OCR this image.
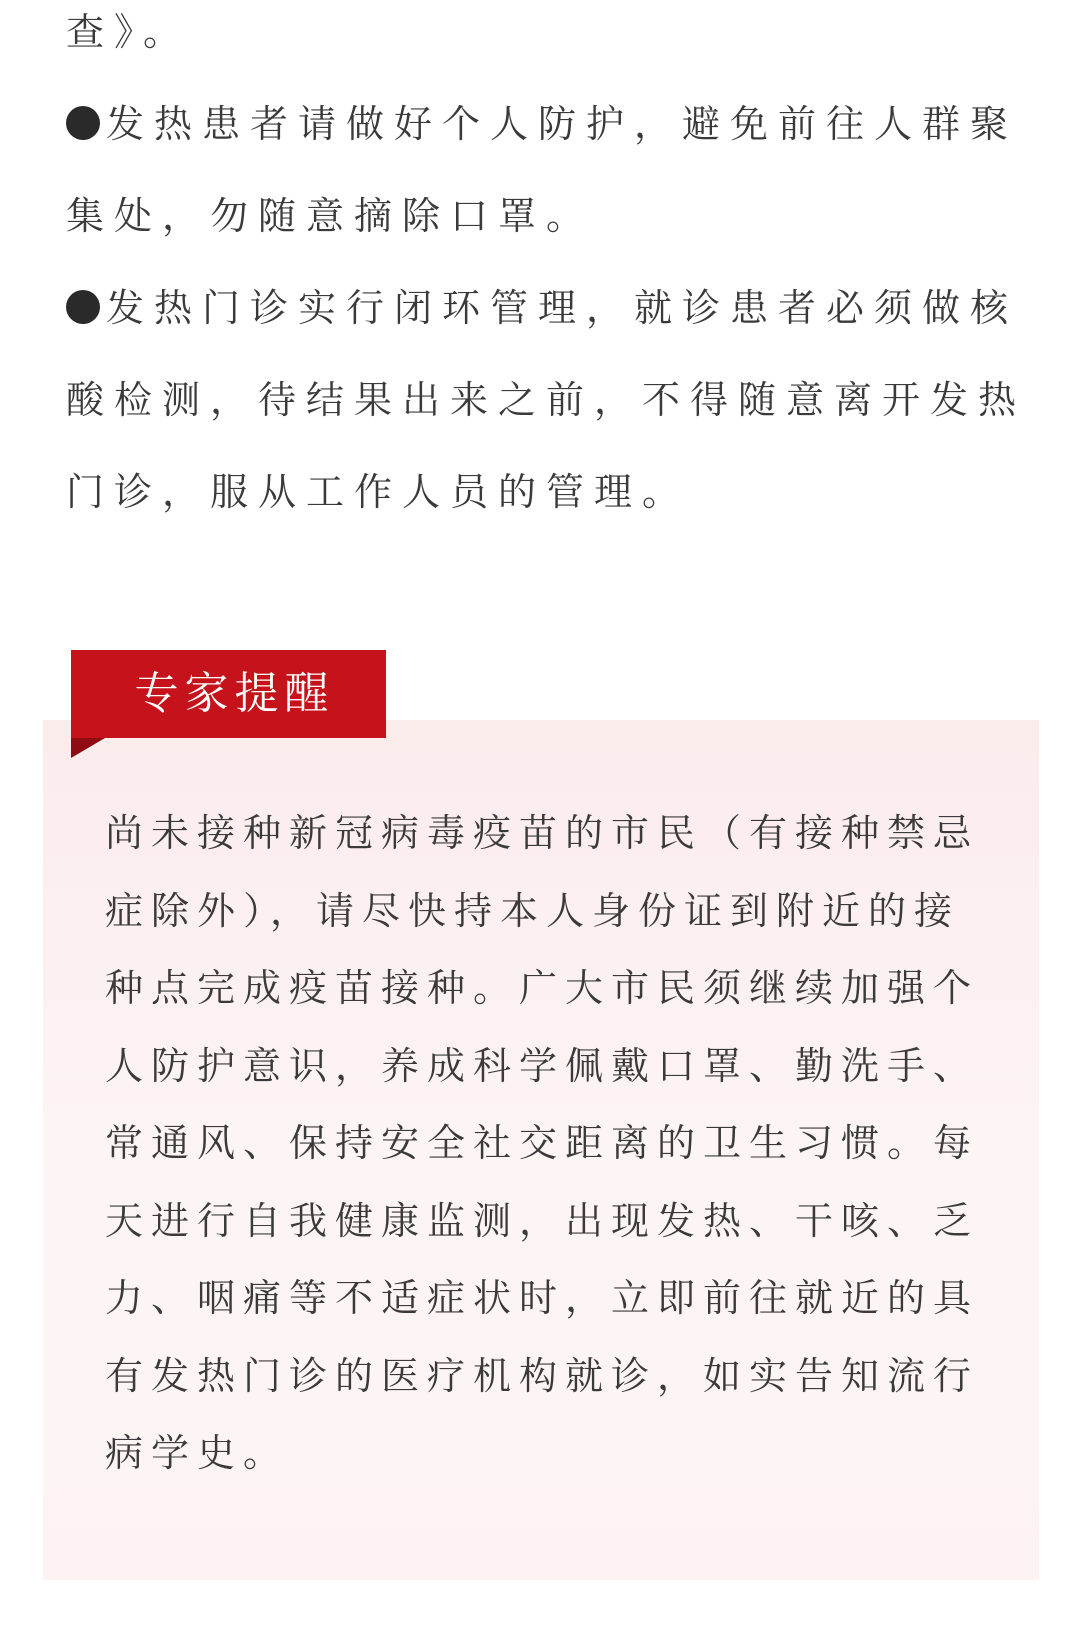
查》。

发热患者请做好个人防护，避免前往人群聚

集处，勿随意摘除口罩。

发热门诊实行闭环管理，就诊患者必须做核

酸检测，待结果出来之前，不得随意离开发热

门诊，服从工作人员的管理。

专家提醒

尚未接种新冠病毒疫苗的市民（有接种禁忌

症除外），请尽快持本人身份证到附近的接

种点完成疫苗接种。广大市民须继续加强个

人防护意识，养成科学佩戴口罩、勤洗手、

常通风、保持安全社交距离的卫生习惯。每

天进行自我健康监测，出现发热、干咳、乏

力、咽痛等不适症状时，立即前往就近的具

有发热门诊的医疗机构就诊，如实告知流行

病学史。
